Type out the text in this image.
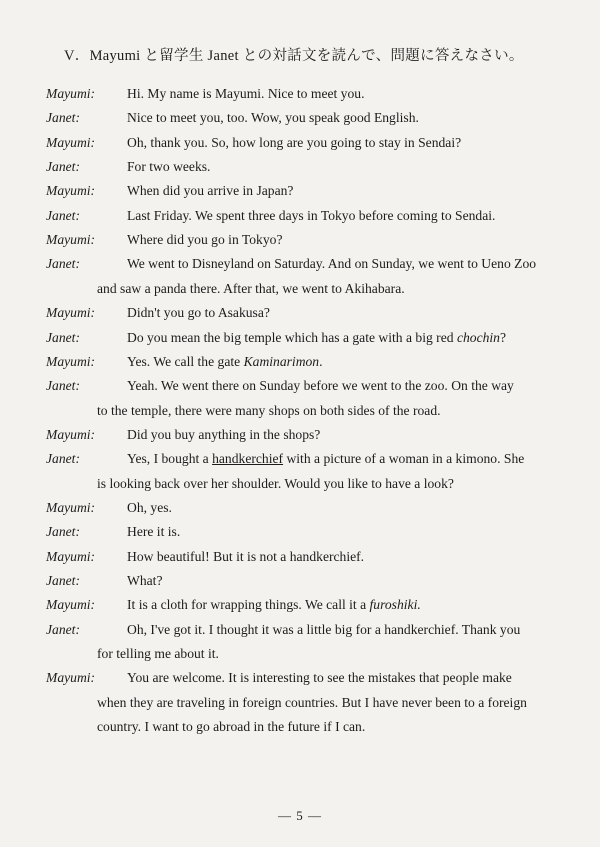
V．Mayumi と留学生 Janet との対話文を読んで、問題に答えなさい。
Mayumi: Hi. My name is Mayumi. Nice to meet you.
Janet:	Nice to meet you, too. Wow, you speak good English.
Mayumi: Oh, thank you. So, how long are you going to stay in Sendai?
Janet:	For two weeks.
Mayumi: When did you arrive in Japan?
Janet:	Last Friday. We spent three days in Tokyo before coming to Sendai.
Mayumi: Where did you go in Tokyo?
Janet:	We went to Disneyland on Saturday. And on Sunday, we went to Ueno Zoo
and saw a panda there. After that, we went to Akihabara.
Mayumi: Didn't you go to Asakusa?
Janet:	Do you mean the big temple which has a gate with a big red chochin?
Mayumi: Yes. We call the gate Kaminarimon.
Janet:	Yeah. We went there on Sunday before we went to the zoo. On the way
to the temple, there were many shops on both sides of the road.
Mayumi: Did you buy anything in the shops?
Janet:	Yes, I bought a handkerchief with a picture of a woman in a kimono. She
is looking back over her shoulder. Would you like to have a look?
Mayumi: Oh, yes.
Janet:	Here it is.
Mayumi: How beautiful! But it is not a handkerchief.
Janet:	What?
Mayumi: It is a cloth for wrapping things. We call it a furoshiki.
Janet:	Oh, I've got it. I thought it was a little big for a handkerchief. Thank you
for telling me about it.
Mayumi: You are welcome. It is interesting to see the mistakes that people make
when they are traveling in foreign countries. But I have never been to a foreign
country. I want to go abroad in the future if I can.
— 5 —
